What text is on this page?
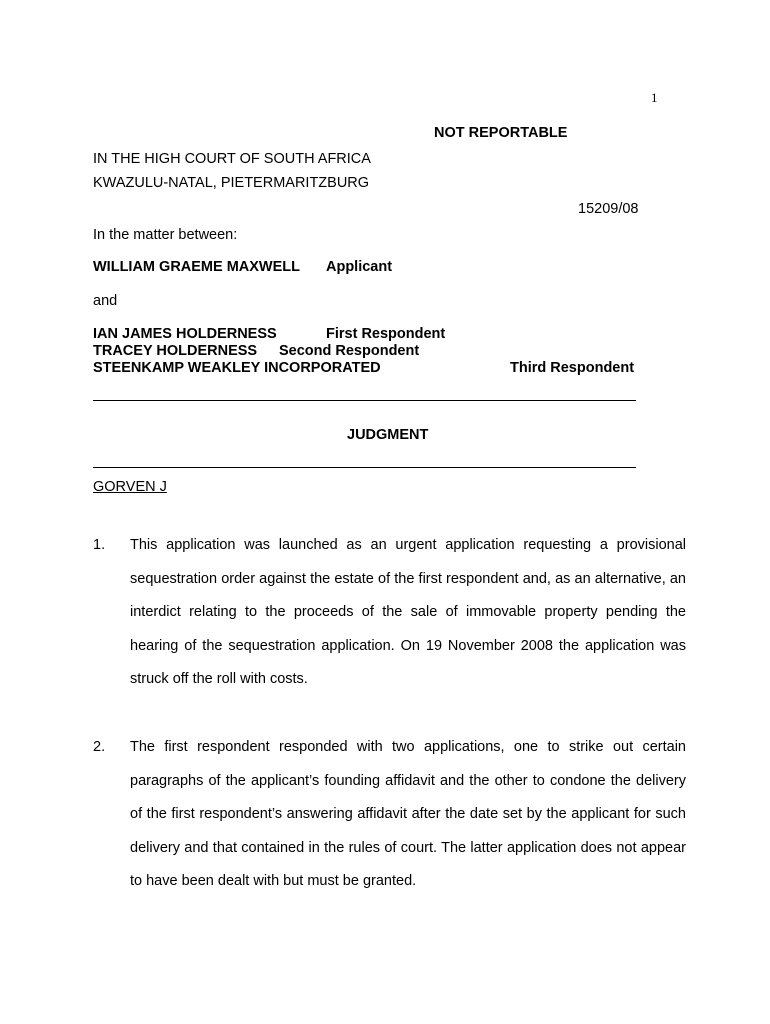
1
NOT REPORTABLE
IN THE HIGH COURT OF SOUTH AFRICA
KWAZULU-NATAL, PIETERMARITZBURG
15209/08
In the matter between:
WILLIAM GRAEME MAXWELL Applicant
and
IAN JAMES HOLDERNESS	First Respondent
TRACEY HOLDERNESS Second Respondent
STEENKAMP WEAKLEY INCORPORATED	Third Respondent
JUDGMENT
GORVEN J
1. This application was launched as an urgent application requesting a provisional sequestration order against the estate of the first respondent and, as an alternative, an interdict relating to the proceeds of the sale of immovable property pending the hearing of the sequestration application. On 19 November 2008 the application was struck off the roll with costs.
2. The first respondent responded with two applications, one to strike out certain paragraphs of the applicant’s founding affidavit and the other to condone the delivery of the first respondent’s answering affidavit after the date set by the applicant for such delivery and that contained in the rules of court. The latter application does not appear to have been dealt with but must be granted.
